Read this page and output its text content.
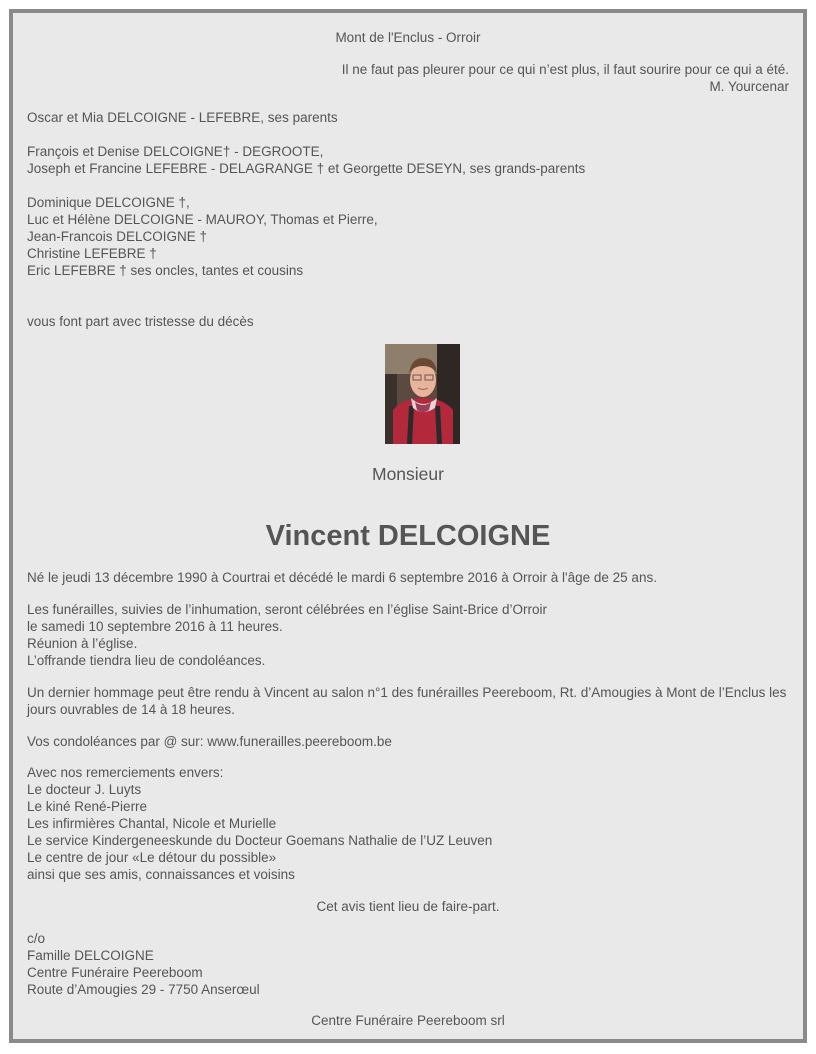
Mont de l'Enclus - Orroir
Il ne faut pas pleurer pour ce qui n’est plus, il faut sourire pour ce qui a été.
M. Yourcenar
Oscar et Mia DELCOIGNE - LEFEBRE, ses parents
François et Denise DELCOIGNE† - DEGROOTE,
Joseph et Francine LEFEBRE - DELAGRANGE † et Georgette DESEYN, ses grands-parents
Dominique DELCOIGNE †,
Luc et Hélène DELCOIGNE - MAUROY, Thomas et Pierre,
Jean-Francois DELCOIGNE †
Christine LEFEBRE †
Eric LEFEBRE † ses oncles, tantes et cousins
vous font part avec tristesse du décès
Monsieur
Vincent DELCOIGNE
Né le jeudi 13 décembre 1990 à Courtrai et décédé le mardi 6 septembre 2016 à Orroir à l'âge de 25 ans.
Les funérailles, suivies de l’inhumation, seront célébrées en l’église Saint-Brice d’Orroir
le samedi 10 septembre 2016 à 11 heures.
Réunion à l’église.
L’offrande tiendra lieu de condoléances.
Un dernier hommage peut être rendu à Vincent au salon n°1 des funérailles Peereboom, Rt. d’Amougies à Mont de l’Enclus les jours ouvrables de 14 à 18 heures.
Vos condoléances par @ sur: www.funerailles.peereboom.be
Avec nos remerciements envers:
Le docteur J. Luyts
Le kiné René-Pierre
Les infirmières Chantal, Nicole et Murielle
Le service Kindergeneeskunde du Docteur Goemans Nathalie de l’UZ Leuven
Le centre de jour «Le détour du possible»
ainsi que ses amis, connaissances et voisins
Cet avis tient lieu de faire-part.
c/o
Famille DELCOIGNE
Centre Funéraire Peereboom
Route d’Amougies 29 - 7750 Anserœul
Centre Funéraire Peereboom srl
